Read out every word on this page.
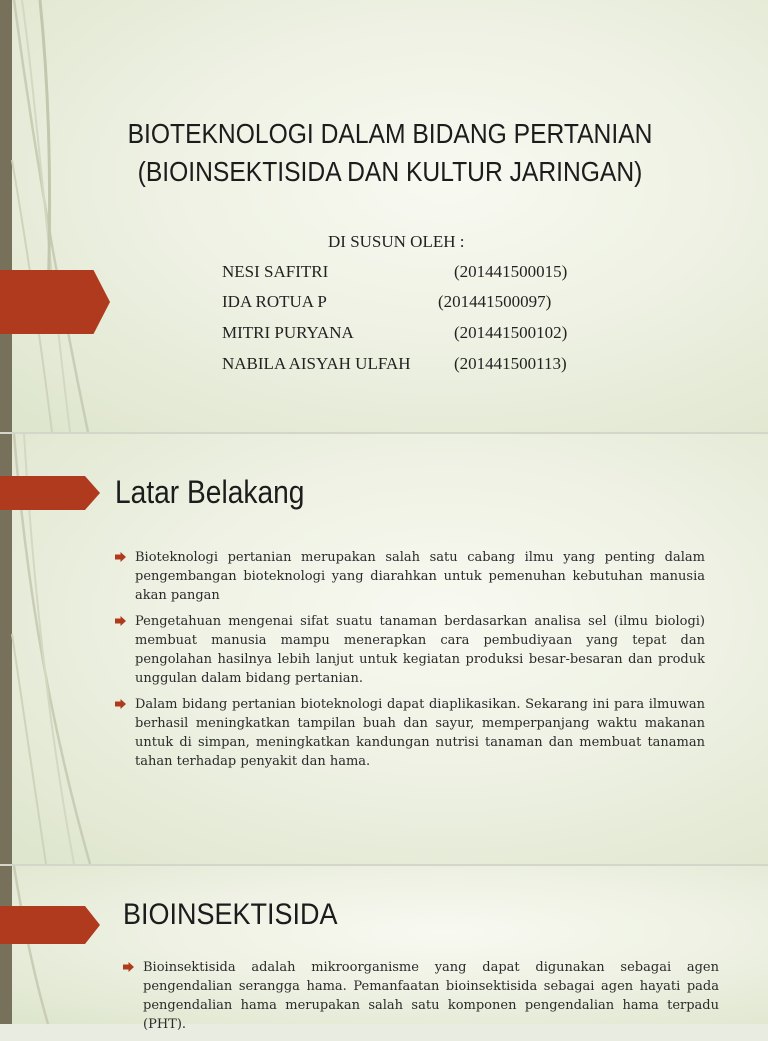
BIOTEKNOLOGI DALAM BIDANG PERTANIAN
(BIOINSEKTISIDA DAN KULTUR JARINGAN)
DI SUSUN OLEH :
NESI SAFITRI	(201441500015)
IDA ROTUA P	(201441500097)
MITRI PURYANA	(201441500102)
NABILA AISYAH ULFAH	(201441500113)
Latar Belakang
Bioteknologi pertanian merupakan salah satu cabang ilmu yang penting dalam pengembangan bioteknologi yang diarahkan untuk pemenuhan kebutuhan manusia akan pangan
Pengetahuan mengenai sifat suatu tanaman berdasarkan analisa sel (ilmu biologi) membuat manusia mampu menerapkan cara pembudiyaan yang tepat dan pengolahan hasilnya lebih lanjut untuk kegiatan produksi besar-besaran dan produk unggulan dalam bidang pertanian.
Dalam bidang pertanian bioteknologi dapat diaplikasikan. Sekarang ini para ilmuwan berhasil meningkatkan tampilan buah dan sayur, memperpanjang waktu makanan untuk di simpan, meningkatkan kandungan nutrisi tanaman dan membuat tanaman tahan terhadap penyakit dan hama.
BIOINSEKTISIDA
Bioinsektisida adalah mikroorganisme yang dapat digunakan sebagai agen pengendalian serangga hama. Pemanfaatan bioinsektisida sebagai agen hayati pada pengendalian hama merupakan salah satu komponen pengendalian hama terpadu (PHT).
